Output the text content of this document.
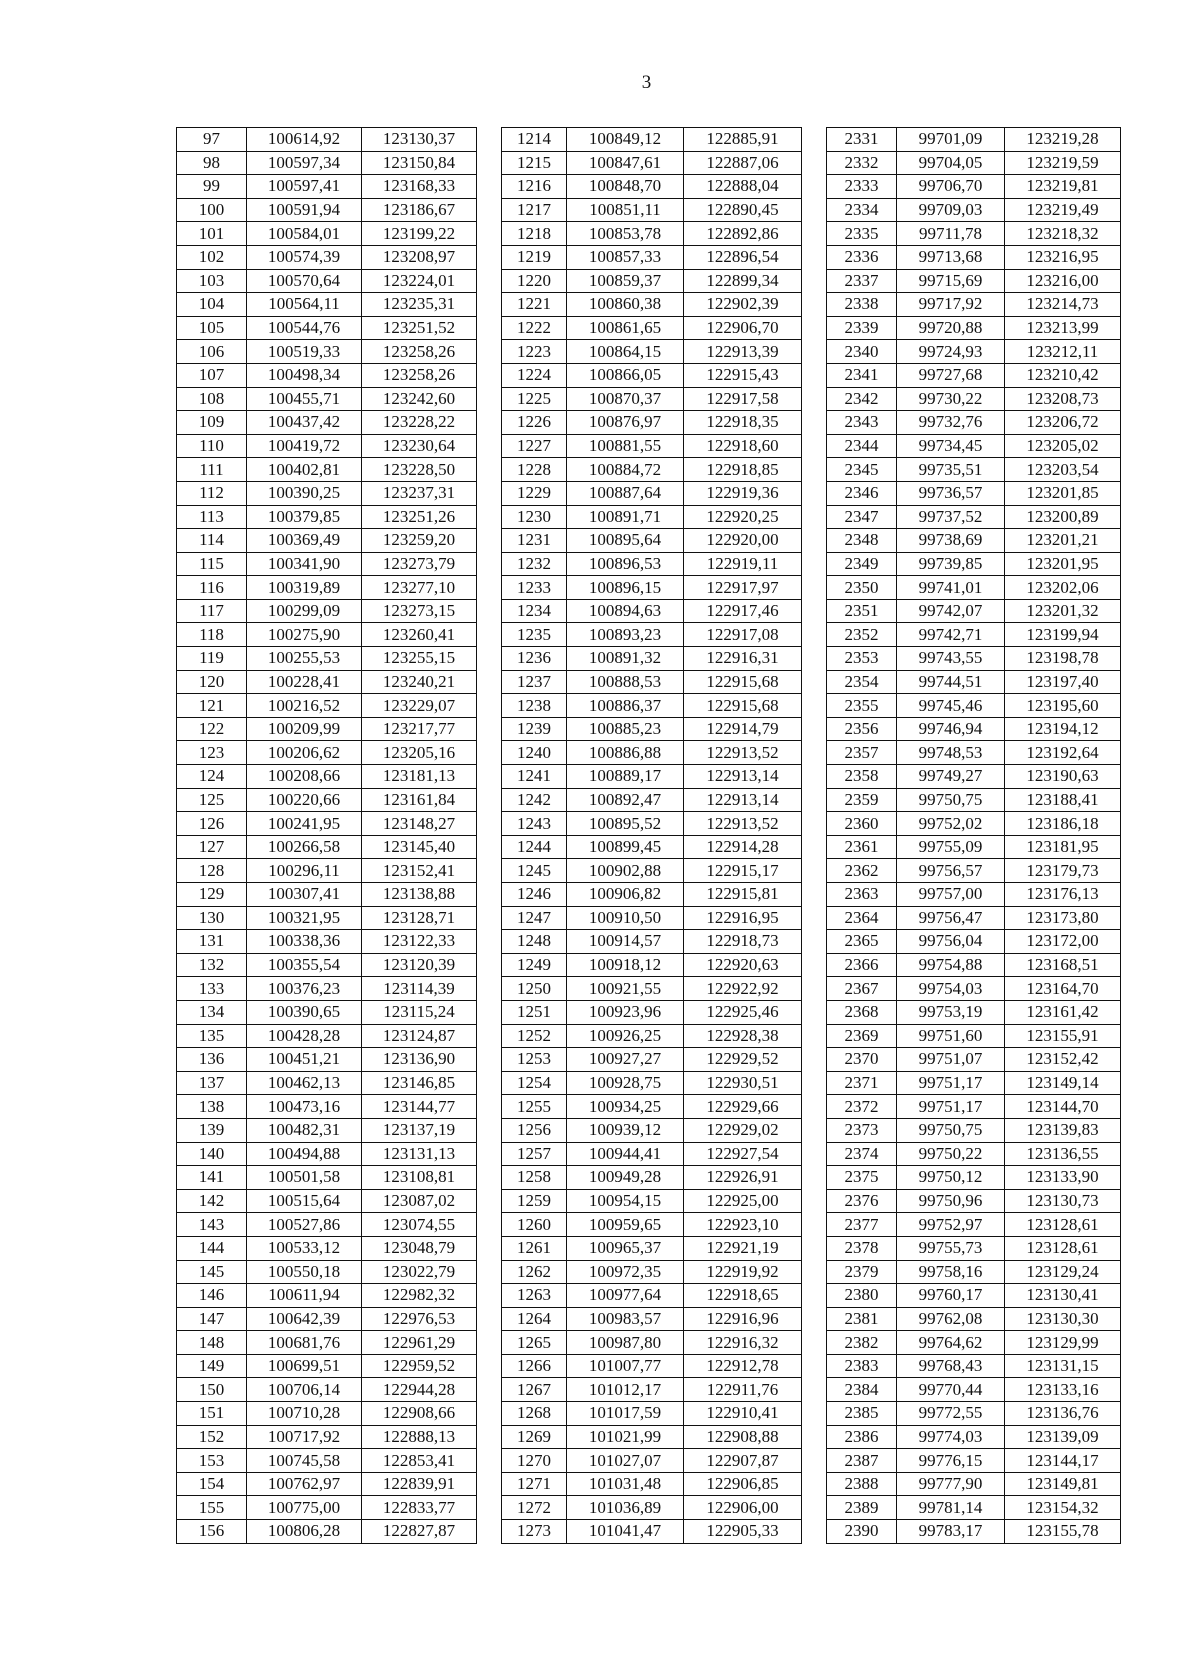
3
97	100614,92	123130,37		1214	100849,12	122885,91		2331	99701,09	123219,28
98	100597,34	123150,84		1215	100847,61	122887,06		2332	99704,05	123219,59
99	100597,41	123168,33		1216	100848,70	122888,04		2333	99706,70	123219,81
100	100591,94	123186,67		1217	100851,11	122890,45		2334	99709,03	123219,49
101	100584,01	123199,22		1218	100853,78	122892,86		2335	99711,78	123218,32
102	100574,39	123208,97		1219	100857,33	122896,54		2336	99713,68	123216,95
103	100570,64	123224,01		1220	100859,37	122899,34		2337	99715,69	123216,00
104	100564,11	123235,31		1221	100860,38	122902,39		2338	99717,92	123214,73
105	100544,76	123251,52		1222	100861,65	122906,70		2339	99720,88	123213,99
106	100519,33	123258,26		1223	100864,15	122913,39		2340	99724,93	123212,11
107	100498,34	123258,26		1224	100866,05	122915,43		2341	99727,68	123210,42
108	100455,71	123242,60		1225	100870,37	122917,58		2342	99730,22	123208,73
109	100437,42	123228,22		1226	100876,97	122918,35		2343	99732,76	123206,72
110	100419,72	123230,64		1227	100881,55	122918,60		2344	99734,45	123205,02
111	100402,81	123228,50		1228	100884,72	122918,85		2345	99735,51	123203,54
112	100390,25	123237,31		1229	100887,64	122919,36		2346	99736,57	123201,85
113	100379,85	123251,26		1230	100891,71	122920,25		2347	99737,52	123200,89
114	100369,49	123259,20		1231	100895,64	122920,00		2348	99738,69	123201,21
115	100341,90	123273,79		1232	100896,53	122919,11		2349	99739,85	123201,95
116	100319,89	123277,10		1233	100896,15	122917,97		2350	99741,01	123202,06
117	100299,09	123273,15		1234	100894,63	122917,46		2351	99742,07	123201,32
118	100275,90	123260,41		1235	100893,23	122917,08		2352	99742,71	123199,94
119	100255,53	123255,15		1236	100891,32	122916,31		2353	99743,55	123198,78
120	100228,41	123240,21		1237	100888,53	122915,68		2354	99744,51	123197,40
121	100216,52	123229,07		1238	100886,37	122915,68		2355	99745,46	123195,60
122	100209,99	123217,77		1239	100885,23	122914,79		2356	99746,94	123194,12
123	100206,62	123205,16		1240	100886,88	122913,52		2357	99748,53	123192,64
124	100208,66	123181,13		1241	100889,17	122913,14		2358	99749,27	123190,63
125	100220,66	123161,84		1242	100892,47	122913,14		2359	99750,75	123188,41
126	100241,95	123148,27		1243	100895,52	122913,52		2360	99752,02	123186,18
127	100266,58	123145,40		1244	100899,45	122914,28		2361	99755,09	123181,95
128	100296,11	123152,41		1245	100902,88	122915,17		2362	99756,57	123179,73
129	100307,41	123138,88		1246	100906,82	122915,81		2363	99757,00	123176,13
130	100321,95	123128,71		1247	100910,50	122916,95		2364	99756,47	123173,80
131	100338,36	123122,33		1248	100914,57	122918,73		2365	99756,04	123172,00
132	100355,54	123120,39		1249	100918,12	122920,63		2366	99754,88	123168,51
133	100376,23	123114,39		1250	100921,55	122922,92		2367	99754,03	123164,70
134	100390,65	123115,24		1251	100923,96	122925,46		2368	99753,19	123161,42
135	100428,28	123124,87		1252	100926,25	122928,38		2369	99751,60	123155,91
136	100451,21	123136,90		1253	100927,27	122929,52		2370	99751,07	123152,42
137	100462,13	123146,85		1254	100928,75	122930,51		2371	99751,17	123149,14
138	100473,16	123144,77		1255	100934,25	122929,66		2372	99751,17	123144,70
139	100482,31	123137,19		1256	100939,12	122929,02		2373	99750,75	123139,83
140	100494,88	123131,13		1257	100944,41	122927,54		2374	99750,22	123136,55
141	100501,58	123108,81		1258	100949,28	122926,91		2375	99750,12	123133,90
142	100515,64	123087,02		1259	100954,15	122925,00		2376	99750,96	123130,73
143	100527,86	123074,55		1260	100959,65	122923,10		2377	99752,97	123128,61
144	100533,12	123048,79		1261	100965,37	122921,19		2378	99755,73	123128,61
145	100550,18	123022,79		1262	100972,35	122919,92		2379	99758,16	123129,24
146	100611,94	122982,32		1263	100977,64	122918,65		2380	99760,17	123130,41
147	100642,39	122976,53		1264	100983,57	122916,96		2381	99762,08	123130,30
148	100681,76	122961,29		1265	100987,80	122916,32		2382	99764,62	123129,99
149	100699,51	122959,52		1266	101007,77	122912,78		2383	99768,43	123131,15
150	100706,14	122944,28		1267	101012,17	122911,76		2384	99770,44	123133,16
151	100710,28	122908,66		1268	101017,59	122910,41		2385	99772,55	123136,76
152	100717,92	122888,13		1269	101021,99	122908,88		2386	99774,03	123139,09
153	100745,58	122853,41		1270	101027,07	122907,87		2387	99776,15	123144,17
154	100762,97	122839,91		1271	101031,48	122906,85		2388	99777,90	123149,81
155	100775,00	122833,77		1272	101036,89	122906,00		2389	99781,14	123154,32
156	100806,28	122827,87		1273	101041,47	122905,33		2390	99783,17	123155,78
